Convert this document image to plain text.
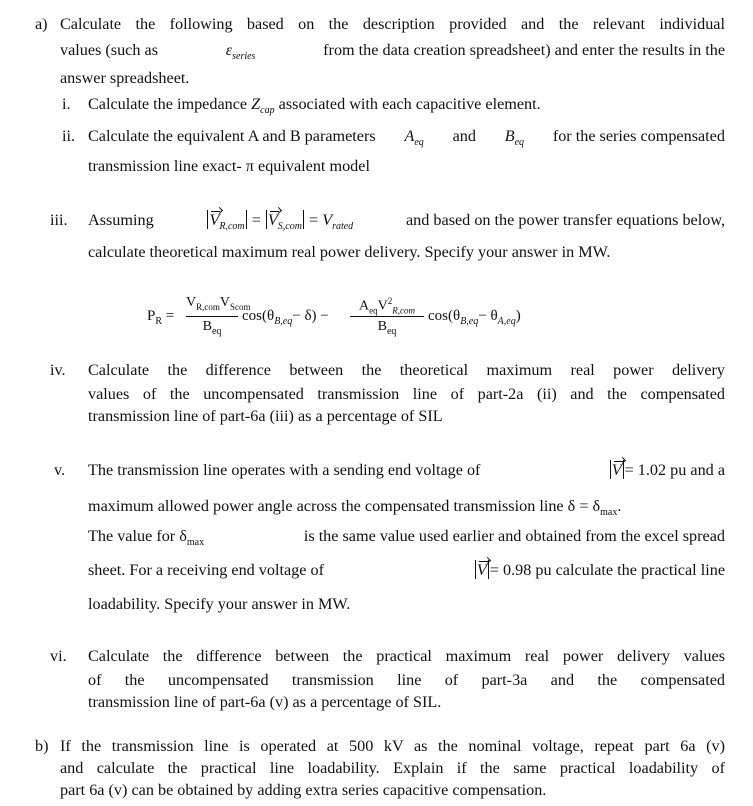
a) Calculate the following based on the description provided and the relevant individual
values (such as	$\varepsilon_{series}$	from the data creation spreadsheet) and enter the results in the
answer spreadsheet.
i. Calculate the impedance $Z_{cap}$ associated with each capacitive element.
ii. Calculate the equivalent A and B parameters $A_{eq}$ and $B_{eq}$ for the series compensated
transmission line exact- π equivalent model
iii. Assuming	$V_{R,com} = V_{S,com} = V_{rated}$	and based on the power transfer equations below,
calculate theoretical maximum real power delivery. Specify your answer in MW.
$P_R$ =
$V_{R,com}V_{Scom}$
$B_{eq}$
$\cos(\theta_{B,eq}- \delta)$ −
$A_{eq}V^2_{R,com}$
$B_{eq}$
$\cos(\theta_{B,eq}- \theta_{A,eq})$
iv. Calculate the difference between the theoretical maximum real power delivery
values of the uncompensated transmission line of part-2a (ii) and the compensated
transmission line of part-6a (iii) as a percentage of SIL
v. The transmission line operates with a sending end voltage of	V = 1.02 pu and a
maximum allowed power angle across the compensated transmission line $\delta = \delta_{max}$.
The value for $\delta_{max}$	is the same value used earlier and obtained from the excel spread
sheet. For a receiving end voltage of	V = 0.98 pu calculate the practical line
loadability. Specify your answer in MW.
vi. Calculate the difference between the practical maximum real power delivery values
of the uncompensated transmission line of part-3a and the compensated
transmission line of part-6a (v) as a percentage of SIL.
b) If the transmission line is operated at 500 kV as the nominal voltage, repeat part 6a (v)
and calculate the practical line loadability. Explain if the same practical loadability of
part 6a (v) can be obtained by adding extra series capacitive compensation.
